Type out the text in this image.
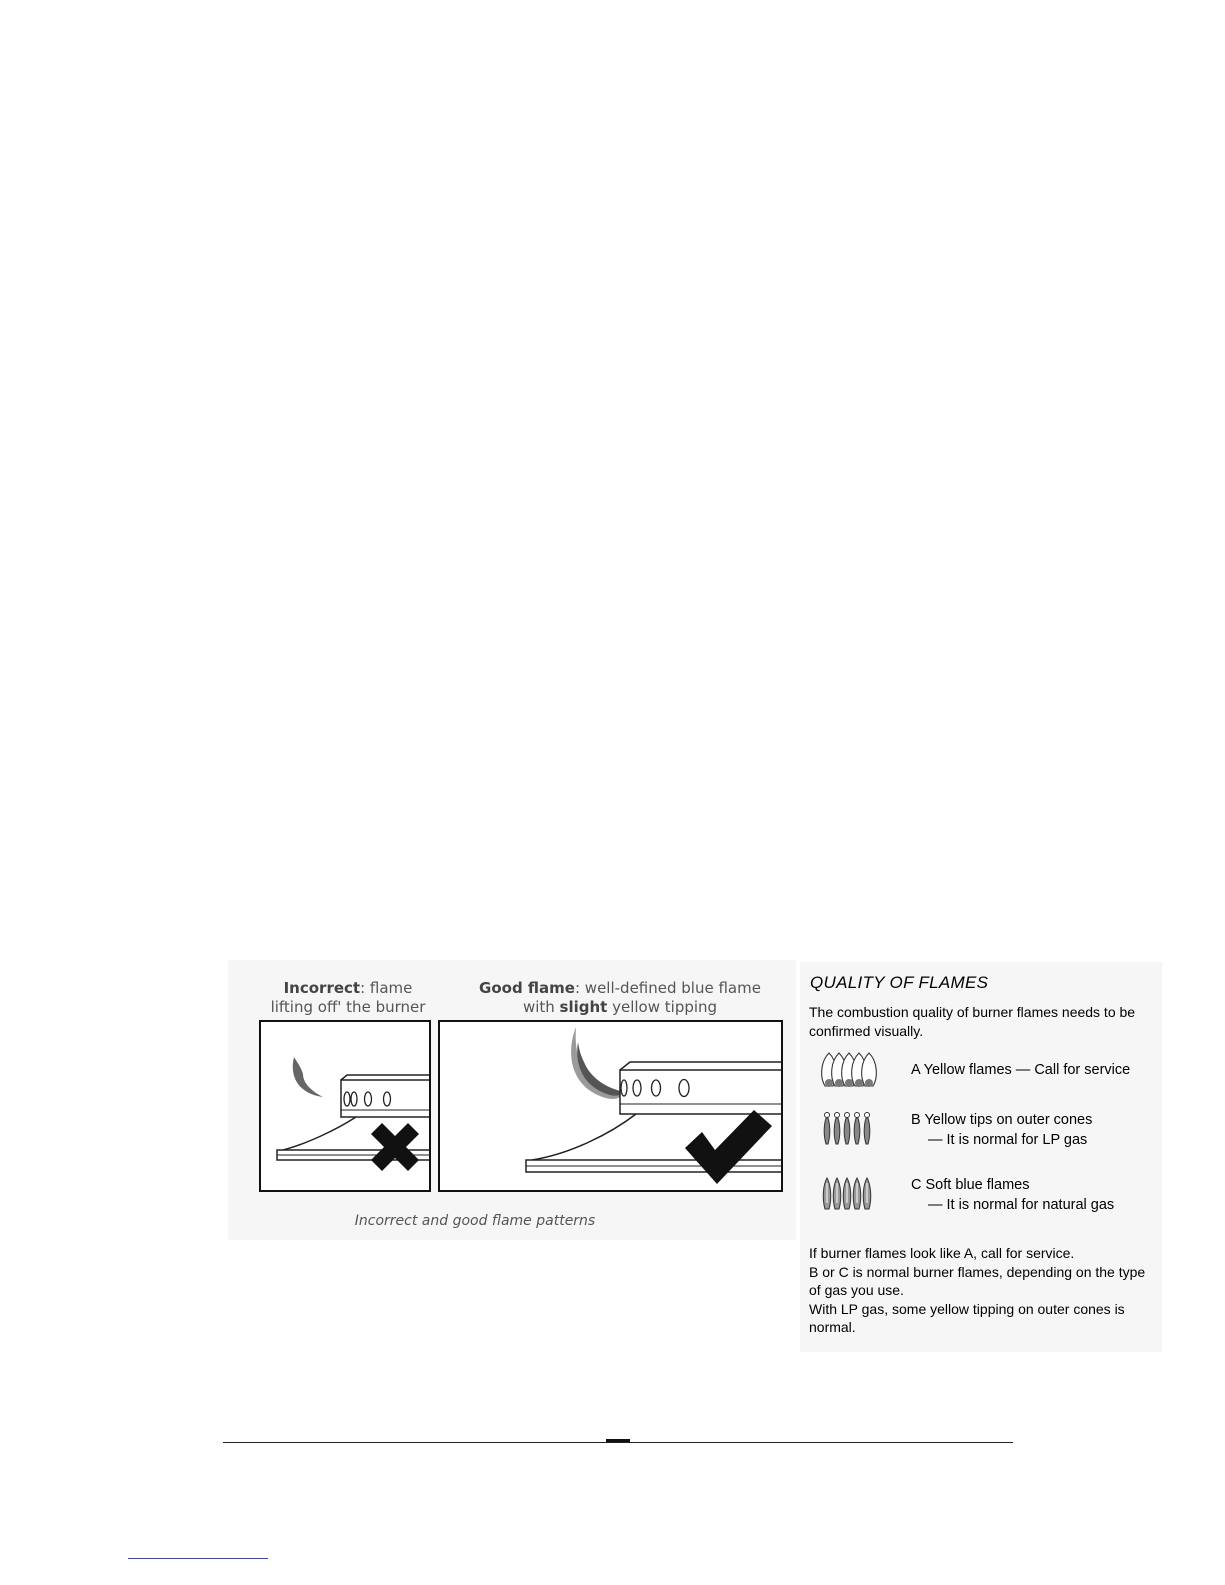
Incorrect: flame
lifting off' the burner
Good flame: well-defined blue flame
with slight yellow tipping
Incorrect and good flame patterns
QUALITY OF FLAMES
The combustion quality of burner flames needs to be confirmed visually.
A Yellow flames — Call for service
B Yellow tips on outer cones
— It is normal for LP gas
C Soft blue flames
— It is normal for natural gas

If burner flames look like A, call for service.

B or C is normal burner flames, depending on the type of gas you use.

With LP gas, some yellow tipping on outer cones is normal.
